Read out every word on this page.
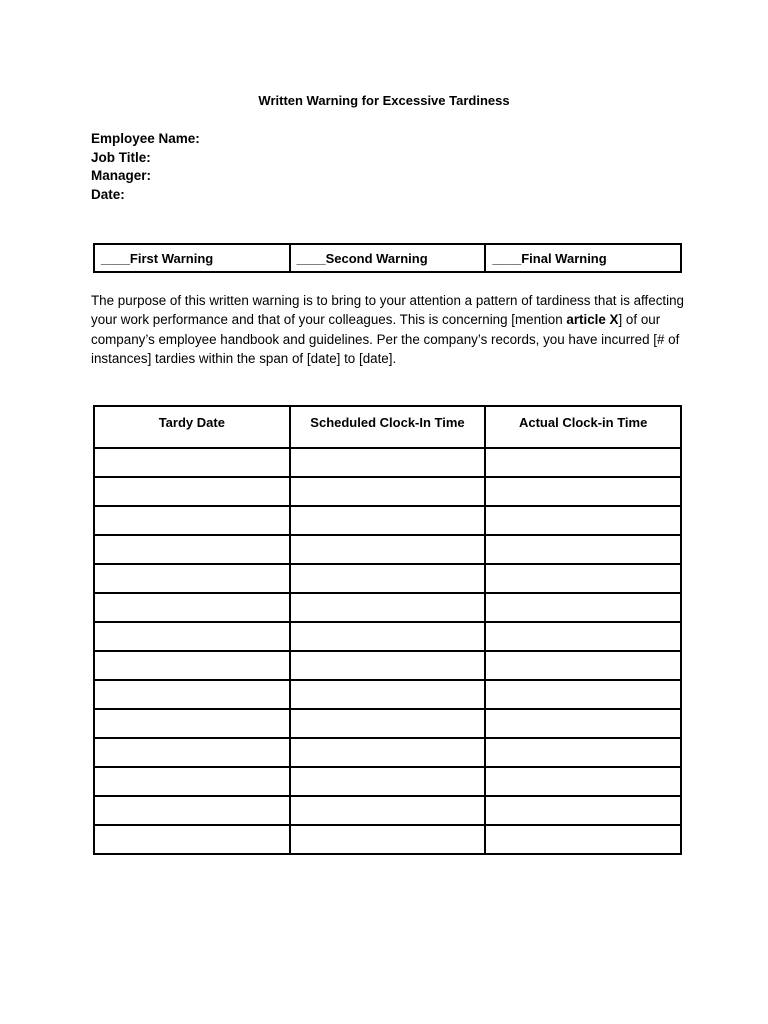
Written Warning for Excessive Tardiness
Employee Name:
Job Title:
Manager:
Date:
____First Warning	____Second Warning	____Final Warning
The purpose of this written warning is to bring to your attention a pattern of tardiness that is affecting your work performance and that of your colleagues. This is concerning [mention article X] of our company’s employee handbook and guidelines. Per the company’s records, you have incurred [# of instances] tardies within the span of [date] to [date].
Tardy Date	Scheduled Clock-In Time	Actual Clock-in Time
